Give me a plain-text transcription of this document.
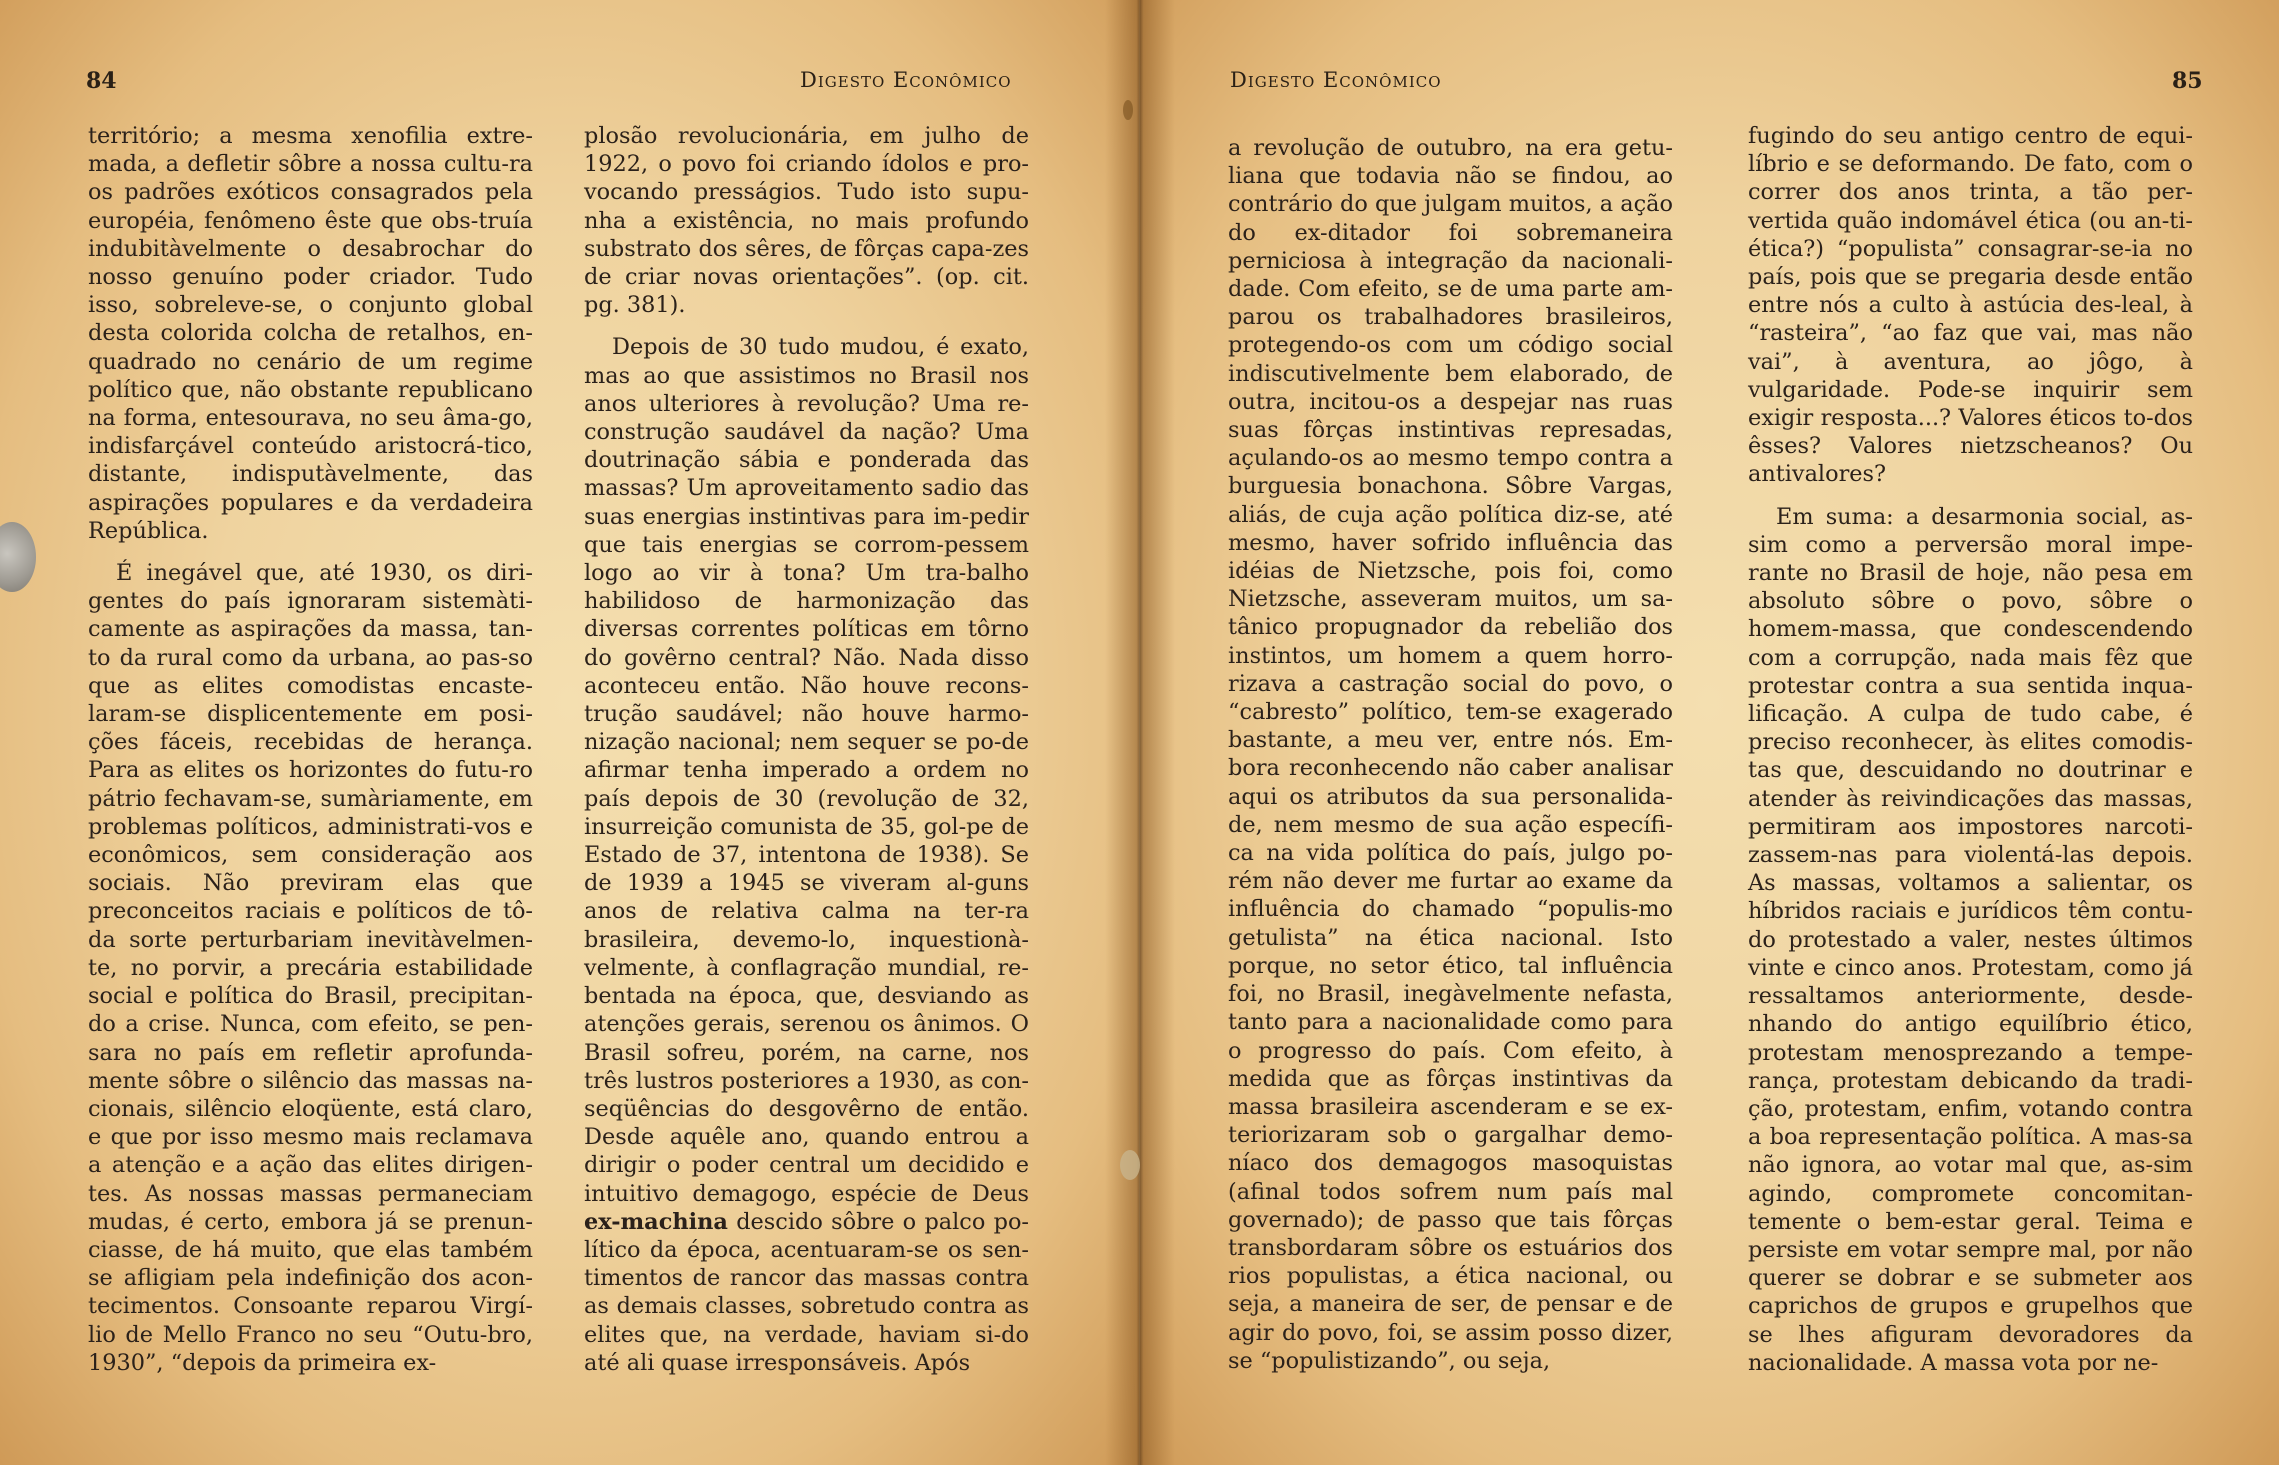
84	Digesto Econômico

território; a mesma xenofilia extre-mada, a defletir sôbre a nossa cultu-ra os padrões exóticos consagrados pela européia, fenômeno êste que obs-truía indubitàvelmente o desabrochar do nosso genuíno poder criador. Tudo isso, sobreleve-se, o conjunto global desta colorida colcha de retalhos, en-quadrado no cenário de um regime político que, não obstante republicano na forma, entesourava, no seu âma-go, indisfarçável conteúdo aristocrá-tico, distante, indisputàvelmente, das aspirações populares e da verdadeira República.

É inegável que, até 1930, os diri-gentes do país ignoraram sistemàti-camente as aspirações da massa, tan-to da rural como da urbana, ao pas-so que as elites comodistas encaste-laram-se displicentemente em posi-ções fáceis, recebidas de herança. Para as elites os horizontes do futu-ro pátrio fechavam-se, sumàriamente, em problemas políticos, administrati-vos e econômicos, sem consideração aos sociais. Não previram elas que preconceitos raciais e políticos de tô-da sorte perturbariam inevitàvelmen-te, no porvir, a precária estabilidade social e política do Brasil, precipitan-do a crise. Nunca, com efeito, se pen-sara no país em refletir aprofunda-mente sôbre o silêncio das massas na-cionais, silêncio eloqüente, está claro, e que por isso mesmo mais reclamava a atenção e a ação das elites dirigen-tes. As nossas massas permaneciam mudas, é certo, embora já se prenun-ciasse, de há muito, que elas também se afligiam pela indefinição dos acon-tecimentos. Consoante reparou Virgí-lio de Mello Franco no seu “Outu-bro, 1930”, “depois da primeira ex-

plosão revolucionária, em julho de 1922, o povo foi criando ídolos e pro-vocando presságios. Tudo isto supu-nha a existência, no mais profundo substrato dos sêres, de fôrças capa-zes de criar novas orientações”. (op. cit. pg. 381).

Depois de 30 tudo mudou, é exato, mas ao que assistimos no Brasil nos anos ulteriores à revolução? Uma re-construção saudável da nação? Uma doutrinação sábia e ponderada das massas? Um aproveitamento sadio das suas energias instintivas para im-pedir que tais energias se corrom-pessem logo ao vir à tona? Um tra-balho habilidoso de harmonização das diversas correntes políticas em tôrno do govêrno central? Não. Nada disso aconteceu então. Não houve recons-trução saudável; não houve harmo-nização nacional; nem sequer se po-de afirmar tenha imperado a ordem no país depois de 30 (revolução de 32, insurreição comunista de 35, gol-pe de Estado de 37, intentona de 1938). Se de 1939 a 1945 se viveram al-guns anos de relativa calma na ter-ra brasileira, devemo-lo, inquestionà-velmente, à conflagração mundial, re-bentada na época, que, desviando as atenções gerais, serenou os ânimos. O Brasil sofreu, porém, na carne, nos três lustros posteriores a 1930, as con-seqüências do desgovêrno de então. Desde aquêle ano, quando entrou a dirigir o poder central um decidido e intuitivo demagogo, espécie de Deus ex-machina descido sôbre o palco po-lítico da época, acentuaram-se os sen-timentos de rancor das massas contra as demais classes, sobretudo contra as elites que, na verdade, haviam si-do até ali quase irresponsáveis. Após

Digesto Econômico	85

a revolução de outubro, na era getu-liana que todavia não se findou, ao contrário do que julgam muitos, a ação do ex-ditador foi sobremaneira perniciosa à integração da nacionali-dade. Com efeito, se de uma parte am-parou os trabalhadores brasileiros, protegendo-os com um código social indiscutivelmente bem elaborado, de outra, incitou-os a despejar nas ruas suas fôrças instintivas represadas, açulando-os ao mesmo tempo contra a burguesia bonachona. Sôbre Vargas, aliás, de cuja ação política diz-se, até mesmo, haver sofrido influência das idéias de Nietzsche, pois foi, como Nietzsche, asseveram muitos, um sa-tânico propugnador da rebelião dos instintos, um homem a quem horro-rizava a castração social do povo, o “cabresto” político, tem-se exagerado bastante, a meu ver, entre nós. Em-bora reconhecendo não caber analisar aqui os atributos da sua personalida-de, nem mesmo de sua ação específi-ca na vida política do país, julgo po-rém não dever me furtar ao exame da influência do chamado “populis-mo getulista” na ética nacional. Isto porque, no setor ético, tal influência foi, no Brasil, inegàvelmente nefasta, tanto para a nacionalidade como para o progresso do país. Com efeito, à medida que as fôrças instintivas da massa brasileira ascenderam e se ex-teriorizaram sob o gargalhar demo-níaco dos demagogos masoquistas (afinal todos sofrem num país mal governado); de passo que tais fôrças transbordaram sôbre os estuários dos rios populistas, a ética nacional, ou seja, a maneira de ser, de pensar e de agir do povo, foi, se assim posso dizer, se “populistizando”, ou seja,

fugindo do seu antigo centro de equi-líbrio e se deformando. De fato, com o correr dos anos trinta, a tão per-vertida quão indomável ética (ou an-ti-ética?) “populista” consagrar-se-ia no país, pois que se pregaria desde então entre nós a culto à astúcia des-leal, à “rasteira”, “ao faz que vai, mas não vai”, à aventura, ao jôgo, à vulgaridade. Pode-se inquirir sem exigir resposta...? Valores éticos to-dos êsses? Valores nietzscheanos? Ou antivalores?

Em suma: a desarmonia social, as-sim como a perversão moral impe-rante no Brasil de hoje, não pesa em absoluto sôbre o povo, sôbre o homem-massa, que condescendendo com a corrupção, nada mais fêz que protestar contra a sua sentida inqua-lificação. A culpa de tudo cabe, é preciso reconhecer, às elites comodis-tas que, descuidando no doutrinar e atender às reivindicações das massas, permitiram aos impostores narcoti-zassem-nas para violentá-las depois. As massas, voltamos a salientar, os híbridos raciais e jurídicos têm contu-do protestado a valer, nestes últimos vinte e cinco anos. Protestam, como já ressaltamos anteriormente, desde-nhando do antigo equilíbrio ético, protestam menosprezando a tempe-rança, protestam debicando da tradi-ção, protestam, enfim, votando contra a boa representação política. A mas-sa não ignora, ao votar mal que, as-sim agindo, compromete concomitan-temente o bem-estar geral. Teima e persiste em votar sempre mal, por não querer se dobrar e se submeter aos caprichos de grupos e grupelhos que se lhes afiguram devoradores da nacionalidade. A massa vota por ne-
